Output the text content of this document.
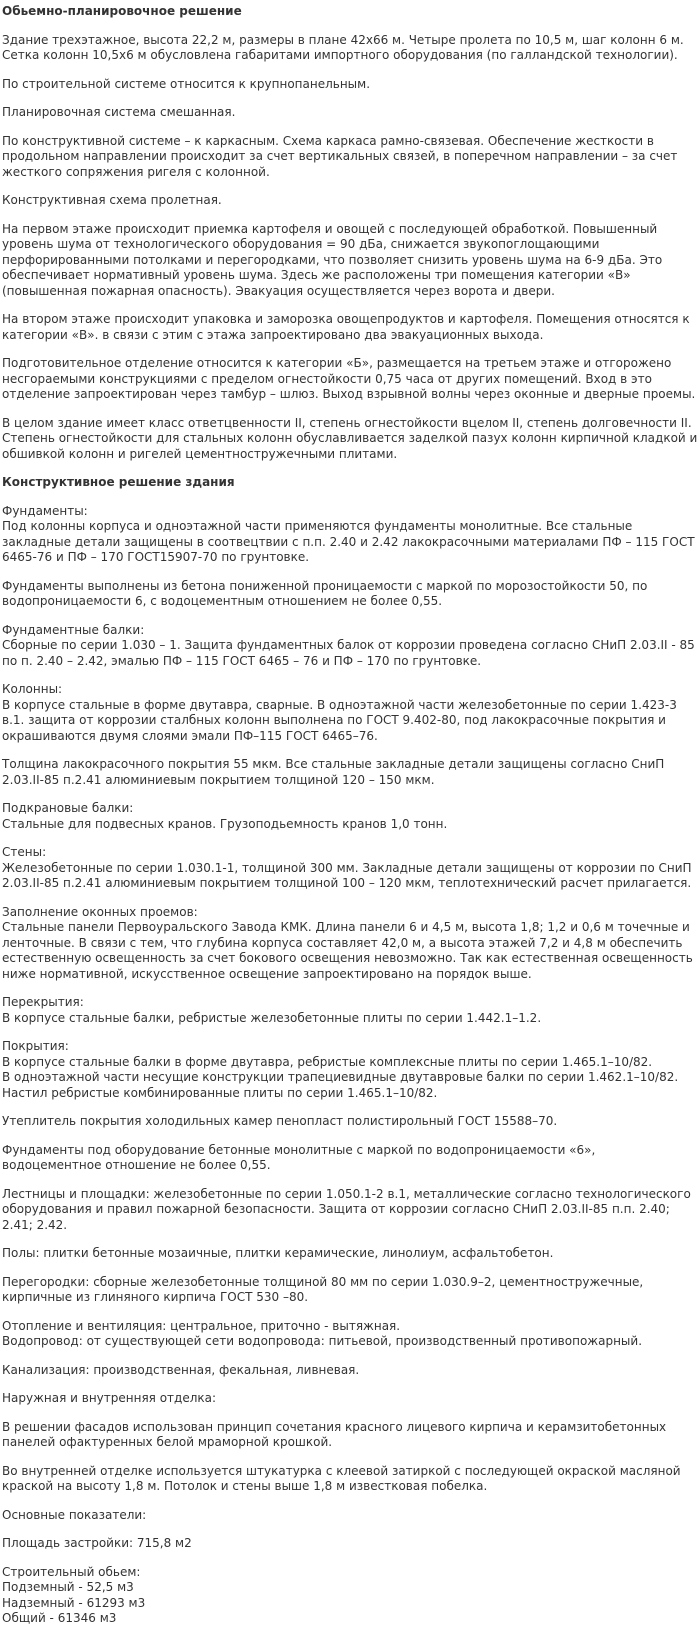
Обьемно-планировочное решение

Здание трехэтажное, высота 22,2 м, размеры в плане 42х66 м. Четыре пролета по 10,5 м, шаг колонн 6 м. Сетка колонн 10,5х6 м обусловлена габаритами импортного оборудования (по галландской технологии).

По строительной системе относится к крупнопанельным.

Планировочная система смешанная.

По конструктивной системе – к каркасным. Схема каркаса рамно-связевая. Обеспечение жесткости в продольном направлении происходит за счет вертикальных связей, в поперечном направлении – за счет жесткого сопряжения ригеля с колонной.

Конструктивная схема пролетная.

На первом этаже происходит приемка картофеля и овощей с последующей обработкой. Повышенный уровень шума от технологического оборудования = 90 дБа, снижается звукопоглощающими перфорированными потолками и перегородками, что позволяет снизить уровень шума на 6-9 дБа. Это обеспечивает нормативный уровень шума. Здесь же расположены три помещения категории «В» (повышенная пожарная опасность). Эвакуация осуществляется через ворота и двери.

На втором этаже происходит упаковка и заморозка овощепродуктов и картофеля. Помещения относятся к категории «В». в связи с этим с этажа запроектировано два эвакуационных выхода.

Подготовительное отделение относится к категории «Б», размещается на третьем этаже и отгорожено несгораемыми конструкциями с пределом огнестойкости 0,75 часа от других помещений. Вход в это отделение запроектирован через тамбур – шлюз. Выход взрывной волны через оконные и дверные проемы.

В целом здание имеет класс ответцвенности II, степень огнестойкости вцелом II, степень долговечности II. Степень огнестойкости для стальных колонн обуславливается заделкой пазух колонн кирпичной кладкой и обшивкой колонн и ригелей цементностружечными плитами.

Конструктивное решение здания

Фундаменты:
Под колонны корпуса и одноэтажной части применяются фундаменты монолитные. Все стальные закладные детали защищены в соотвецтвии с п.п. 2.40 и 2.42 лакокрасочными материалами ПФ – 115 ГОСТ 6465-76 и ПФ – 170 ГОСТ15907-70 по грунтовке.

Фундаменты выполнены из бетона пониженной проницаемости с маркой по морозостойкости 50, по водопроницаемости 6, с водоцементным отношением не более 0,55.

Фундаментные балки:
Сборные по серии 1.030 – 1. Защита фундаментных балок от коррозии проведена согласно СНиП 2.03.II - 85 по п. 2.40 – 2.42, эмалью ПФ – 115 ГОСТ 6465 – 76 и ПФ – 170 по грунтовке.

Колонны:
В корпусе стальные в форме двутавра, сварные. В одноэтажной части железобетонные по серии 1.423-3 в.1. защита от коррозии сталбных колонн выполнена по ГОСТ 9.402-80, под лакокрасочные покрытия и окрашиваются двумя слоями эмали ПФ–115 ГОСТ 6465–76.

Толщина лакокрасочного покрытия 55 мкм. Все стальные закладные детали защищены согласно СниП 2.03.II-85 п.2.41 алюминиевым покрытием толщиной 120 – 150 мкм.

Подкрановые балки:
Стальные для подвесных кранов. Грузоподьемность кранов 1,0 тонн.

Стены:
Железобетонные по серии 1.030.1-1, толщиной 300 мм. Закладные детали защищены от коррозии по СниП 2.03.II-85 п.2.41 алюминиевым покрытием толщиной 100 – 120 мкм, теплотехнический расчет прилагается.

Заполнение оконных проемов:
Стальные панели Первоуральского Завода КМК. Длина панели 6 и 4,5 м, высота 1,8; 1,2 и 0,6 м точечные и ленточные. В связи с тем, что глубина корпуса составляет 42,0 м, а высота этажей 7,2 и 4,8 м обеспечить естественную освещенность за счет бокового освещения невозможно. Так как естественная освещенность ниже нормативной, искусственное освещение запроектировано на порядок выше.

Перекрытия:
В корпусе стальные балки, ребристые железобетонные плиты по серии 1.442.1–1.2.

Покрытия:
В корпусе стальные балки в форме двутавра, ребристые комплексные плиты по серии 1.465.1–10/82.
В одноэтажной части несущие конструкции трапециевидные двутавровые балки по серии 1.462.1–10/82. Настил ребристые комбинированные плиты по серии 1.465.1–10/82.

Утеплитель покрытия холодильных камер пенопласт полистирольный ГОСТ 15588–70.

Фундаменты под оборудование бетонные монолитные с маркой по водопроницаемости «6», водоцементное отношение не более 0,55.

Лестницы и площадки: железобетонные по серии 1.050.1-2 в.1, металлические согласно технологического оборудования и правил пожарной безопасности. Защита от коррозии согласно СНиП 2.03.II-85 п.п. 2.40; 2.41; 2.42.

Полы: плитки бетонные мозаичные, плитки керамические, линолиум, асфальтобетон.

Перегородки: сборные железобетонные толщиной 80 мм по серии 1.030.9–2, цементностружечные, кирпичные из глиняного кирпича ГОСТ 530 –80.

Отопление и вентиляция: центральное, приточно - вытяжная.
Водопровод: от существующей сети водопровода: питьевой, производственный противопожарный.

Канализация: производственная, фекальная, ливневая.

Наружная и внутренняя отделка:

В решении фасадов использован принцип сочетания красного лицевого кирпича и керамзитобетонных панелей офактуренных белой мраморной крошкой.

Во внутренней отделке используется штукатурка с клеевой затиркой с последующей окраской масляной краской на высоту 1,8 м. Потолок и стены выше 1,8 м известковая побелка.

Основные показатели:

Площадь застройки: 715,8 м2

Строительный обьем:
Подземный - 52,5 м3
Надземный - 61293 м3
Общий - 61346 м3
